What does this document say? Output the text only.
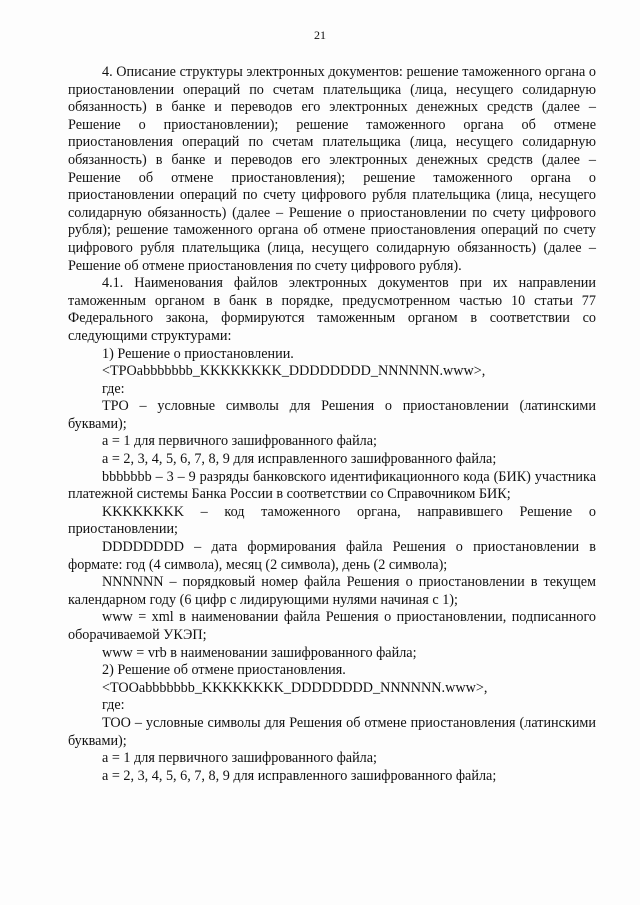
21

4. Описание структуры электронных документов: решение таможенного органа о приостановлении операций по счетам плательщика (лица, несущего солидарную обязанность) в банке и переводов его электронных денежных средств (далее – Решение о приостановлении); решение таможенного органа об отмене приостановления операций по счетам плательщика (лица, несущего солидарную обязанность) в банке и переводов его электронных денежных средств (далее – Решение об отмене приостановления); решение таможенного органа о приостановлении операций по счету цифрового рубля плательщика (лица, несущего солидарную обязанность) (далее – Решение о приостановлении по счету цифрового рубля); решение таможенного органа об отмене приостановления операций по счету цифрового рубля плательщика (лица, несущего солидарную обязанность) (далее – Решение об отмене приостановления по счету цифрового рубля).

4.1. Наименования файлов электронных документов при их направлении таможенным органом в банк в порядке, предусмотренном частью 10 статьи 77 Федерального закона, формируются таможенным органом в соответствии со следующими структурами:

1) Решение о приостановлении.

<TPOabbbbbbb_KKKKKKKK_DDDDDDDD_NNNNNN.www>,

где:

TPO – условные символы для Решения о приостановлении (латинскими буквами);

a = 1 для первичного зашифрованного файла;

a = 2, 3, 4, 5, 6, 7, 8, 9 для исправленного зашифрованного файла;

bbbbbbb – 3 – 9 разряды банковского идентификационного кода (БИК) участника платежной системы Банка России в соответствии со Справочником БИК;

KKKKKKKK – код таможенного органа, направившего Решение о приостановлении;

DDDDDDDD – дата формирования файла Решения о приостановлении в формате: год (4 символа), месяц (2 символа), день (2 символа);

NNNNNN – порядковый номер файла Решения о приостановлении в текущем календарном году (6 цифр с лидирующими нулями начиная с 1);

www = xml в наименовании файла Решения о приостановлении, подписанного оборачиваемой УКЭП;

www = vrb в наименовании зашифрованного файла;

2) Решение об отмене приостановления.

<TOOabbbbbbb_KKKKKKKK_DDDDDDDD_NNNNNN.www>,

где:

TOO – условные символы для Решения об отмене приостановления (латинскими буквами);

a = 1 для первичного зашифрованного файла;

a = 2, 3, 4, 5, 6, 7, 8, 9 для исправленного зашифрованного файла;
